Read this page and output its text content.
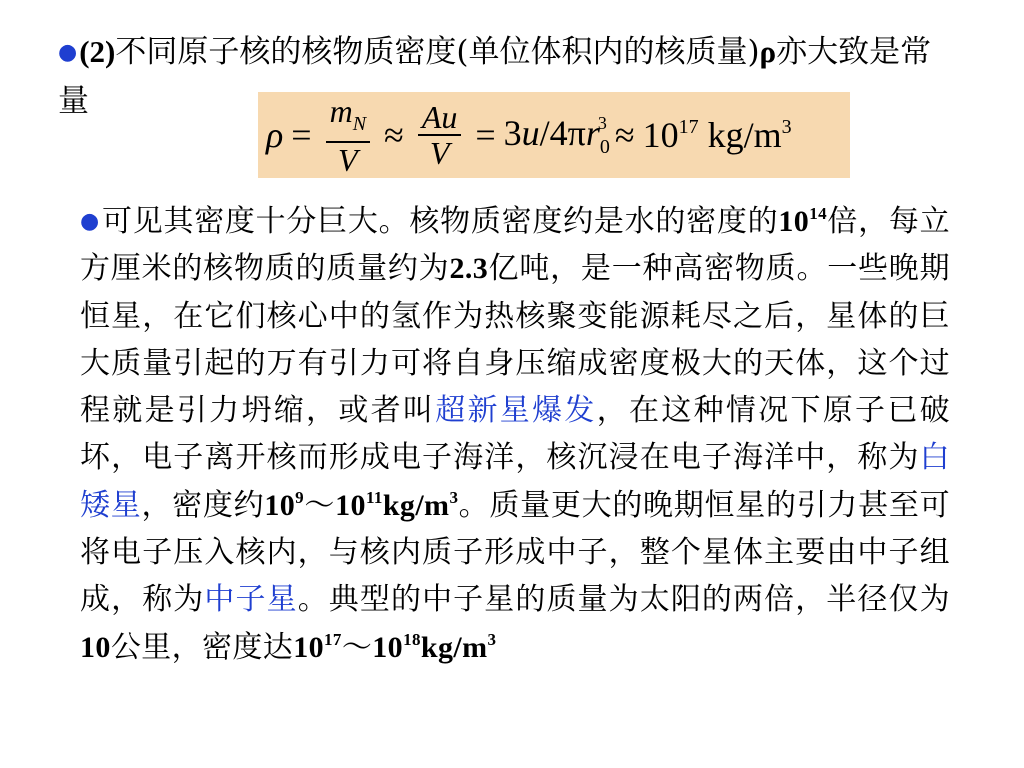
●(2)不同原子核的核物质密度(单位体积内的核质量)ρ亦大致是常量
$\rho = \frac{m_N}{V} \approx \frac{Au}{V} = 3u/4\pi r_0^3 \approx 10^{17}$ $kg/m^3$
●可见其密度十分巨大。核物质密度约是水的密度的$10^{14}$倍，每立方厘米的核物质的质量约为2.3亿吨，是一种高密物质。一些晚期恒星，在它们核心中的氢作为热核聚变能源耗尽之后，星体的巨大质量引起的万有引力可将自身压缩成密度极大的天体，这个过程就是引力坍缩，或者叫超新星爆发，在这种情况下原子已破坏，电子离开核而形成电子海洋，核沉浸在电子海洋中，称为白矮星，密度约$10^9\sim 10^{11}kg/m^3$。质量更大的晚期恒星的引力甚至可将电子压入核内，与核内质子形成中子，整个星体主要由中子组成，称为中子星。典型的中子星的质量为太阳的两倍，半径仅为10公里，密度达$10^{17}\sim 10^{18}kg/m^3$
